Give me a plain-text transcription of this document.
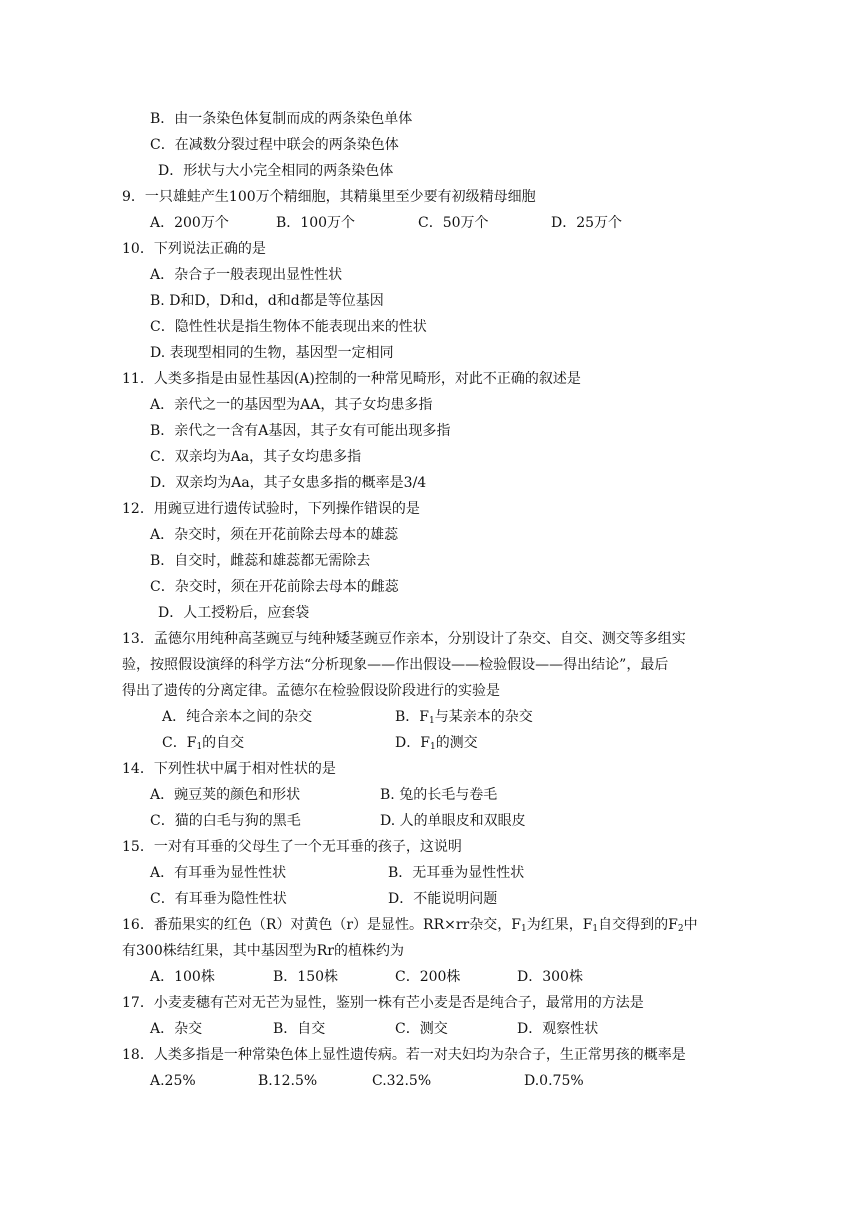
B．由一条染色体复制而成的两条染色单体
C．在减数分裂过程中联会的两条染色体
D．形状与大小完全相同的两条染色体
9．一只雄蛙产生100万个精细胞，其精巢里至少要有初级精母细胞
A．200万个	B．100万个	C．50万个	D．25万个
10．下列说法正确的是
A．杂合子一般表现出显性性状
B. D和D，D和d，d和d都是等位基因
C．隐性性状是指生物体不能表现出来的性状
D. 表现型相同的生物，基因型一定相同
11．人类多指是由显性基因(A)控制的一种常见畸形，对此不正确的叙述是
A．亲代之一的基因型为AA，其子女均患多指
B．亲代之一含有A基因，其子女有可能出现多指
C．双亲均为Aa，其子女均患多指
D．双亲均为Aa，其子女患多指的概率是3/4
12．用豌豆进行遗传试验时，下列操作错误的是
A．杂交时，须在开花前除去母本的雄蕊
B．自交时，雌蕊和雄蕊都无需除去
C．杂交时，须在开花前除去母本的雌蕊
D．人工授粉后，应套袋
13．孟德尔用纯种高茎豌豆与纯种矮茎豌豆作亲本，分别设计了杂交、自交、测交等多组实
验，按照假设演绎的科学方法“分析现象——作出假设——检验假设——得出结论”，最后
得出了遗传的分离定律。孟德尔在检验假设阶段进行的实验是
A．纯合亲本之间的杂交	B．$F_1$与某亲本的杂交
C．$F_1$的自交	D．$F_1$的测交
14．下列性状中属于相对性状的是
A．豌豆荚的颜色和形状	B. 兔的长毛与卷毛
C．猫的白毛与狗的黑毛	D. 人的单眼皮和双眼皮
15．一对有耳垂的父母生了一个无耳垂的孩子，这说明
A．有耳垂为显性性状	B．无耳垂为显性性状
C．有耳垂为隐性性状	D．不能说明问题
16．番茄果实的红色（R）对黄色（r）是显性。RR×rr杂交，$F_1$为红果，$F_1$自交得到的$F_2$中
有300株结红果，其中基因型为Rr的植株约为
A．100株	B．150株	C．200株	D．300株
17．小麦麦穗有芒对无芒为显性，鉴别一株有芒小麦是否是纯合子，最常用的方法是
A．杂交	B．自交	C．测交	D．观察性状
18．人类多指是一种常染色体上显性遗传病。若一对夫妇均为杂合子，生正常男孩的概率是
A.25%	B.12.5%	C.32.5%	D.0.75%
